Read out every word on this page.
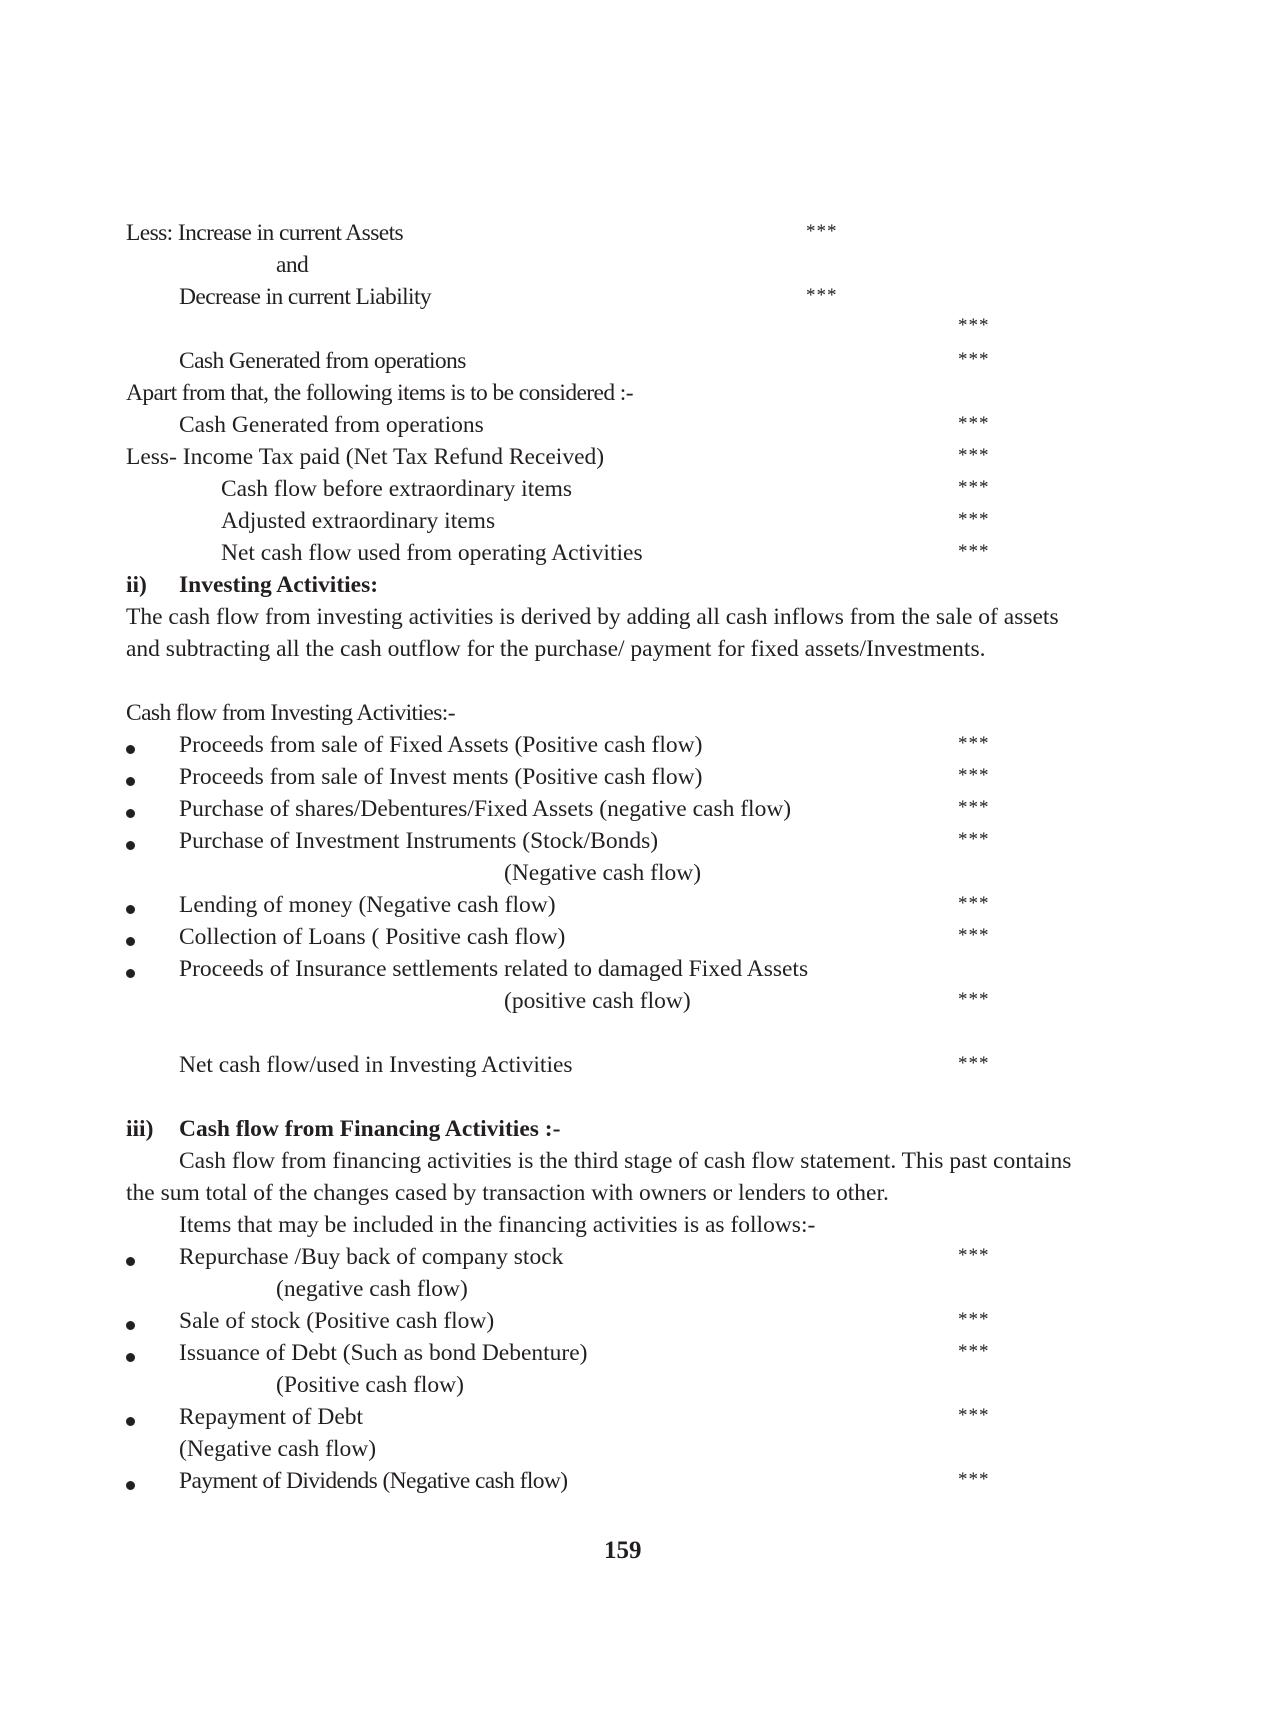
Less: Increase in current Assets	***
and
Decrease in current Liability	***
***
Cash Generated from operations	***
Apart from that, the following items is to be considered :-
Cash Generated from operations	***
Less- Income Tax paid (Net Tax Refund Received)	***
Cash flow before extraordinary items	***
Adjusted extraordinary items	***
Net cash flow used from operating Activities	***
ii) Investing Activities:
The cash flow from investing activities is derived by adding all cash inflows from the sale of assets
and subtracting all the cash outflow for the purchase/ payment for fixed assets/Investments.
Cash flow from Investing Activities:-
Proceeds from sale of Fixed Assets (Positive cash flow)	***
Proceeds from sale of Invest ments (Positive cash flow)	***
Purchase of shares/Debentures/Fixed Assets (negative cash flow)	***
Purchase of Investment Instruments (Stock/Bonds)	***
(Negative cash flow)
Lending of money (Negative cash flow)	***
Collection of Loans ( Positive cash flow)	***
Proceeds of Insurance settlements related to damaged Fixed Assets
(positive cash flow)	***
Net cash flow/used in Investing Activities	***
iii) Cash flow from Financing Activities :-
Cash flow from financing activities is the third stage of cash flow statement. This past contains
the sum total of the changes cased by transaction with owners or lenders to other.
Items that may be included in the financing activities is as follows:-
Repurchase /Buy back of company stock	***
(negative cash flow)
Sale of stock (Positive cash flow)	***
Issuance of Debt (Such as bond Debenture)	***
(Positive cash flow)
Repayment of Debt	***
(Negative cash flow)
Payment of Dividends (Negative cash flow)	***
159
